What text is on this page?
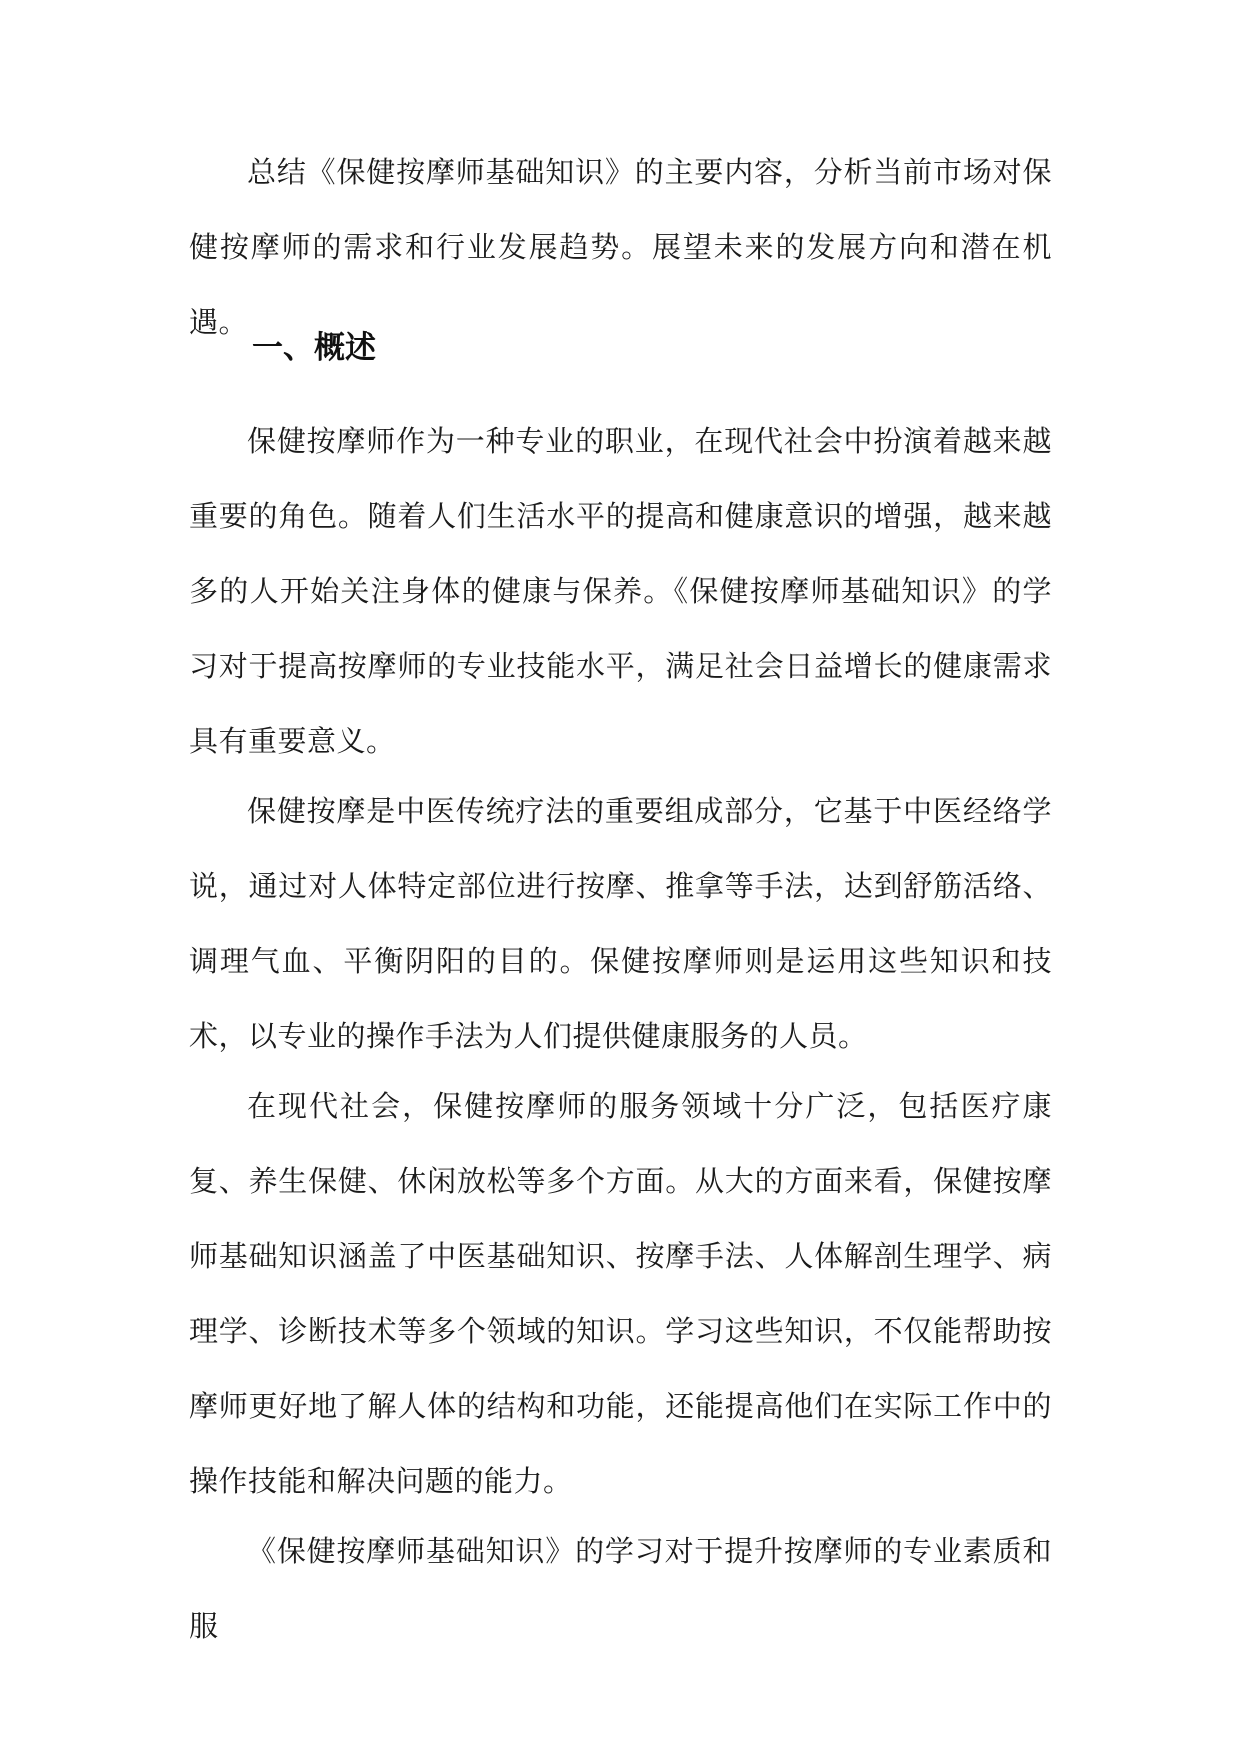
总结《保健按摩师基础知识》的主要内容，分析当前市场对保健按摩师的需求和行业发展趋势。展望未来的发展方向和潜在机遇。

一、概述

保健按摩师作为一种专业的职业，在现代社会中扮演着越来越重要的角色。随着人们生活水平的提高和健康意识的增强，越来越多的人开始关注身体的健康与保养。《保健按摩师基础知识》的学习对于提高按摩师的专业技能水平，满足社会日益增长的健康需求具有重要意义。

保健按摩是中医传统疗法的重要组成部分，它基于中医经络学说，通过对人体特定部位进行按摩、推拿等手法，达到舒筋活络、调理气血、平衡阴阳的目的。保健按摩师则是运用这些知识和技术，以专业的操作手法为人们提供健康服务的人员。

在现代社会，保健按摩师的服务领域十分广泛，包括医疗康复、养生保健、休闲放松等多个方面。从大的方面来看，保健按摩师基础知识涵盖了中医基础知识、按摩手法、人体解剖生理学、病理学、诊断技术等多个领域的知识。学习这些知识，不仅能帮助按摩师更好地了解人体的结构和功能，还能提高他们在实际工作中的操作技能和解决问题的能力。

《保健按摩师基础知识》的学习对于提升按摩师的专业素质和服
